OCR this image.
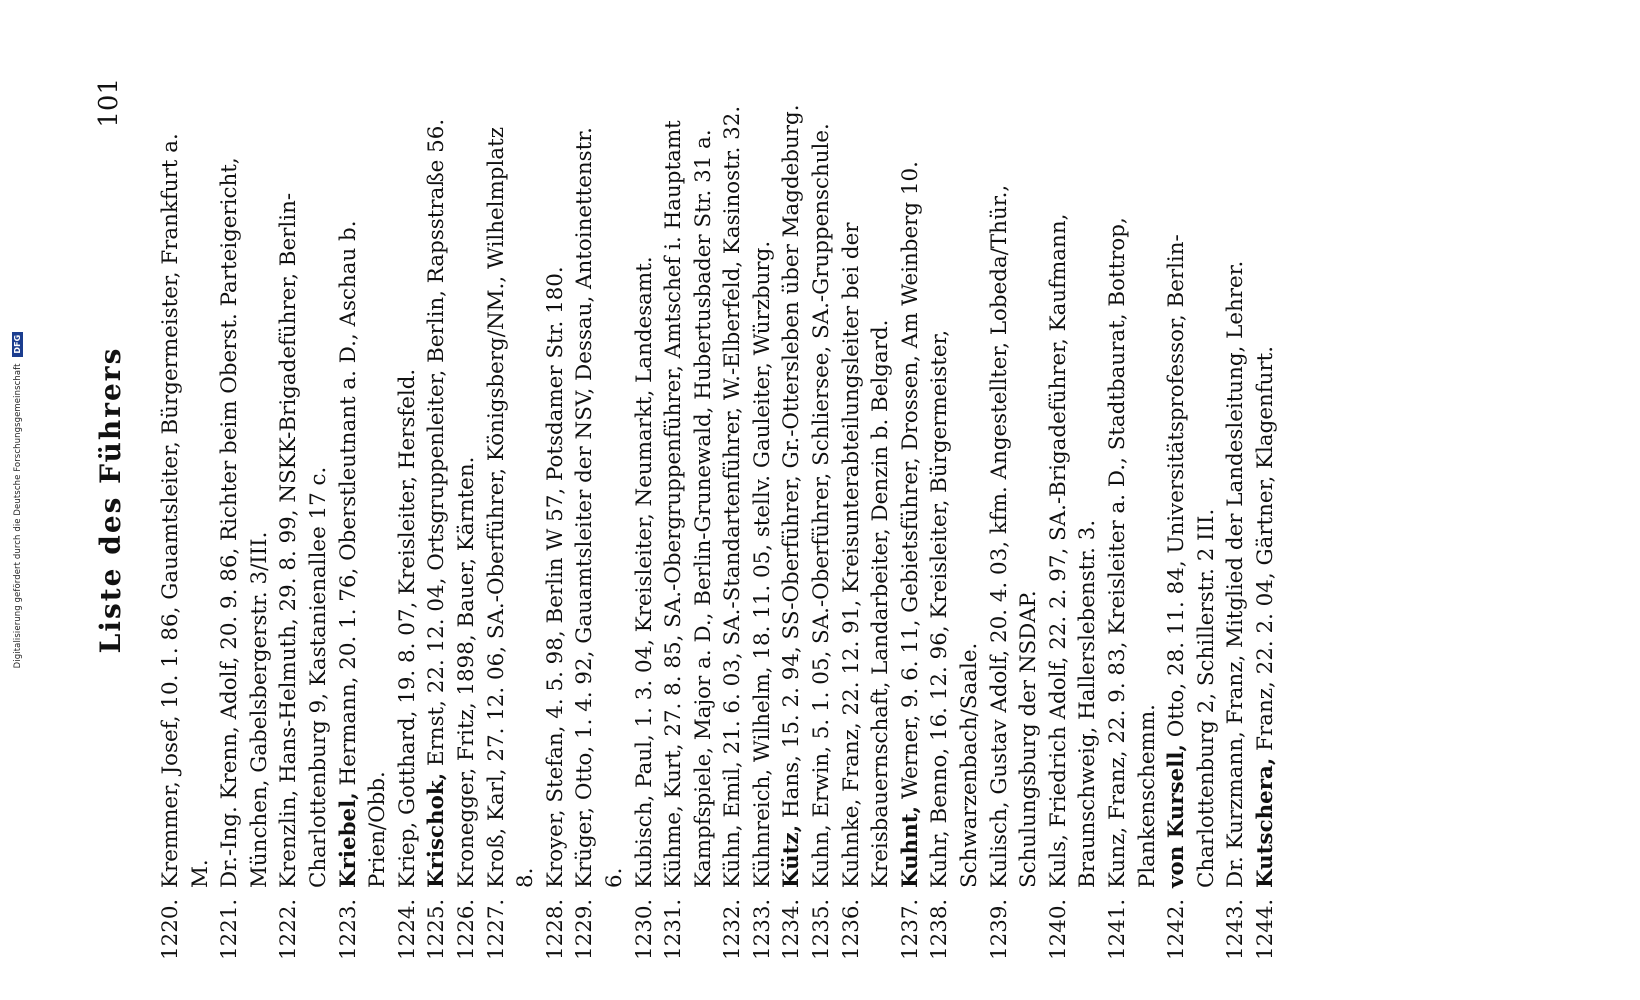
Digitalisierung gefördert durch die Deutsche Forschungsgemeinschaft DFG
Liste des Führers
101
1220.
Kremmer, Josef, 10. 1. 86, Gauamtsleiter, Bürgermeister, Frankfurt a. M.
1221.
Dr.-Ing. Krenn, Adolf, 20. 9. 86, Richter beim Oberst. Parteigericht, München, Gabelsbergerstr. 3/III.
1222.
Krenzlin, Hans-Helmuth, 29. 8. 99, NSKK-Brigadeführer, Berlin-Charlottenburg 9, Kastanienallee 17 c.
1223.
Kriebel, Hermann, 20. 1. 76, Oberstleutnant a. D., Aschau b. Prien/Obb.
1224.
Kriep, Gotthard, 19. 8. 07, Kreisleiter, Hersfeld.
1225.
Krischok, Ernst, 22. 12. 04, Ortsgruppenleiter, Berlin, Rapsstraße 56.
1226.
Kronegger, Fritz, 1898, Bauer, Kärnten.
1227.
Kroß, Karl, 27. 12. 06, SA.-Oberführer, Königsberg/NM., Wilhelmplatz 8.
1228.
Kroyer, Stefan, 4. 5. 98, Berlin W 57, Potsdamer Str. 180.
1229.
Krüger, Otto, 1. 4. 92, Gauamtsleiter der NSV, Dessau, Antoinettenstr. 6.
1230.
Kubisch, Paul, 1. 3. 04, Kreisleiter, Neumarkt, Landesamt.
1231.
Kühme, Kurt, 27. 8. 85, SA.-Obergruppenführer, Amtschef i. Hauptamt Kampfspiele, Major a. D., Berlin-Grunewald, Hubertusbader Str. 31 a.
1232.
Kühn, Emil, 21. 6. 03, SA.-Standartenführer, W.-Elberfeld, Kasinostr. 32.
1233.
Kühnreich, Wilhelm, 18. 11. 05, stellv. Gauleiter, Würzburg.
1234.
Kütz, Hans, 15. 2. 94, SS-Oberführer, Gr.-Ottersleben über Magdeburg.
1235.
Kuhn, Erwin, 5. 1. 05, SA.-Oberführer, Schliersee, SA.-Gruppenschule.
1236.
Kuhnke, Franz, 22. 12. 91, Kreisunterabteilungsleiter bei der Kreisbauernschaft, Landarbeiter, Denzin b. Belgard.
1237.
Kuhnt, Werner, 9. 6. 11, Gebietsführer, Drossen, Am Weinberg 10.
1238.
Kuhr, Benno, 16. 12. 96, Kreisleiter, Bürgermeister, Schwarzenbach/Saale.
1239.
Kulisch, Gustav Adolf, 20. 4. 03, kfm. Angestellter, Lobeda/Thür., Schulungsburg der NSDAP.
1240.
Kuls, Friedrich Adolf, 22. 2. 97, SA.-Brigadeführer, Kaufmann, Braunschweig, Hallerslebenstr. 3.
1241.
Kunz, Franz, 22. 9. 83, Kreisleiter a. D., Stadtbaurat, Bottrop, Plankenschemm.
1242.
von Kursell, Otto, 28. 11. 84, Universitätsprofessor, Berlin-Charlottenburg 2, Schillerstr. 2 III.
1243.
Dr. Kurzmann, Franz, Mitglied der Landesleitung, Lehrer.
1244.
Kutschera, Franz, 22. 2. 04, Gärtner, Klagenfurt.
